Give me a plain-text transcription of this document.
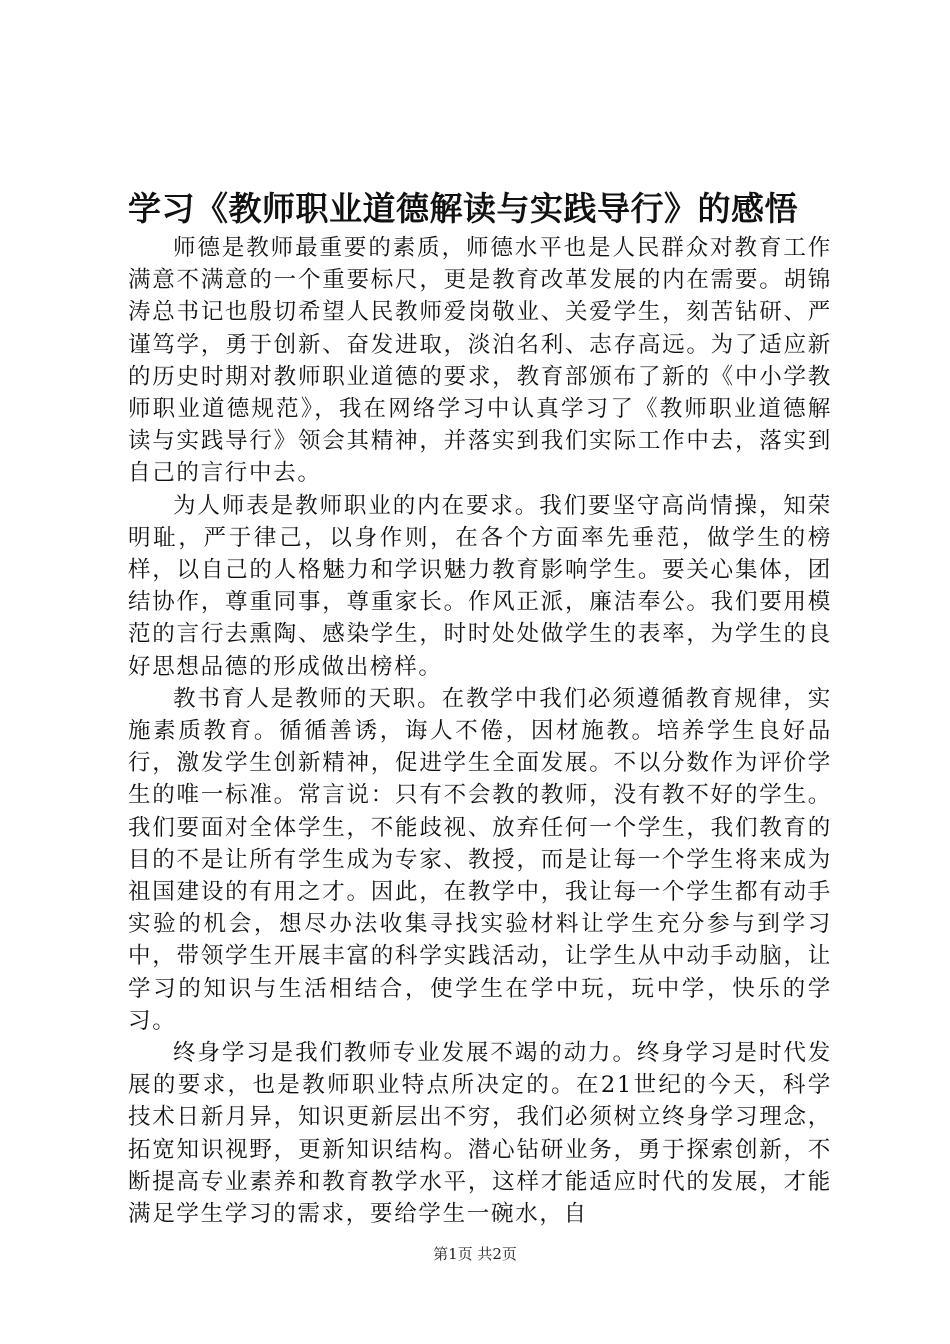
学习《教师职业道德解读与实践导行》的感悟

师德是教师最重要的素质，师德水平也是人民群众对教育工作满意不满意的一个重要标尺，更是教育改革发展的内在需要。胡锦涛总书记也殷切希望人民教师爱岗敬业、关爱学生，刻苦钻研、严谨笃学，勇于创新、奋发进取，淡泊名利、志存高远。为了适应新的历史时期对教师职业道德的要求，教育部颁布了新的《中小学教师职业道德规范》，我在网络学习中认真学习了《教师职业道德解读与实践导行》领会其精神，并落实到我们实际工作中去，落实到自己的言行中去。

为人师表是教师职业的内在要求。我们要坚守高尚情操，知荣明耻，严于律己，以身作则，在各个方面率先垂范，做学生的榜样，以自己的人格魅力和学识魅力教育影响学生。要关心集体，团结协作，尊重同事，尊重家长。作风正派，廉洁奉公。我们要用模范的言行去熏陶、感染学生，时时处处做学生的表率，为学生的良好思想品德的形成做出榜样。

教书育人是教师的天职。在教学中我们必须遵循教育规律，实施素质教育。循循善诱，诲人不倦，因材施教。培养学生良好品行，激发学生创新精神，促进学生全面发展。不以分数作为评价学生的唯一标准。常言说：只有不会教的教师，没有教不好的学生。我们要面对全体学生，不能歧视、放弃任何一个学生，我们教育的目的不是让所有学生成为专家、教授，而是让每一个学生将来成为祖国建设的有用之才。因此，在教学中，我让每一个学生都有动手实验的机会，想尽办法收集寻找实验材料让学生充分参与到学习中，带领学生开展丰富的科学实践活动，让学生从中动手动脑，让学习的知识与生活相结合，使学生在学中玩，玩中学，快乐的学习。

终身学习是我们教师专业发展不竭的动力。终身学习是时代发展的要求，也是教师职业特点所决定的。在21世纪的今天，科学技术日新月异，知识更新层出不穷，我们必须树立终身学习理念，拓宽知识视野，更新知识结构。潜心钻研业务，勇于探索创新，不断提高专业素养和教育教学水平，这样才能适应时代的发展，才能满足学生学习的需求，要给学生一碗水，自

第1页 共2页
